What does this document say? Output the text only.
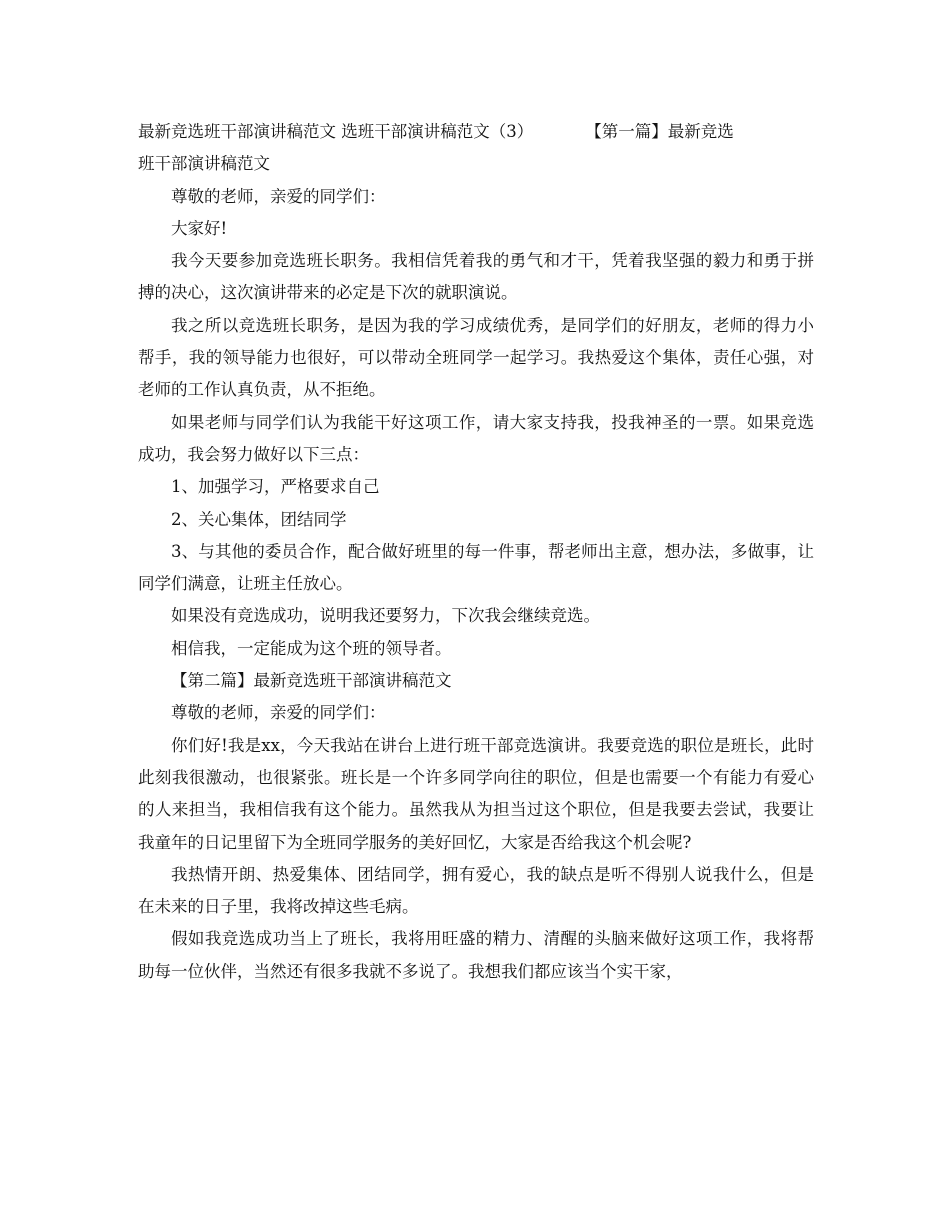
最新竞选班干部演讲稿范文 选班干部演讲稿范文（3）	【第一篇】最新竞选
班干部演讲稿范文

尊敬的老师，亲爱的同学们：

大家好!

我今天要参加竞选班长职务。我相信凭着我的勇气和才干，凭着我坚强的毅力和勇于拼搏的决心，这次演讲带来的必定是下次的就职演说。

我之所以竞选班长职务，是因为我的学习成绩优秀，是同学们的好朋友，老师的得力小帮手，我的领导能力也很好，可以带动全班同学一起学习。我热爱这个集体，责任心强，对老师的工作认真负责，从不拒绝。

如果老师与同学们认为我能干好这项工作，请大家支持我，投我神圣的一票。如果竞选成功，我会努力做好以下三点：

1、加强学习，严格要求自己

2、关心集体，团结同学

3、与其他的委员合作，配合做好班里的每一件事，帮老师出主意，想办法，多做事，让同学们满意，让班主任放心。

如果没有竞选成功，说明我还要努力，下次我会继续竞选。

相信我，一定能成为这个班的领导者。

【第二篇】最新竞选班干部演讲稿范文

尊敬的老师，亲爱的同学们：

你们好!我是xx，今天我站在讲台上进行班干部竞选演讲。我要竞选的职位是班长，此时此刻我很激动，也很紧张。班长是一个许多同学向往的职位，但是也需要一个有能力有爱心的人来担当，我相信我有这个能力。虽然我从为担当过这个职位，但是我要去尝试，我要让我童年的日记里留下为全班同学服务的美好回忆，大家是否给我这个机会呢?

我热情开朗、热爱集体、团结同学，拥有爱心，我的缺点是听不得别人说我什么，但是在未来的日子里，我将改掉这些毛病。

假如我竞选成功当上了班长，我将用旺盛的精力、清醒的头脑来做好这项工作，我将帮助每一位伙伴，当然还有很多我就不多说了。我想我们都应该当个实干家，
